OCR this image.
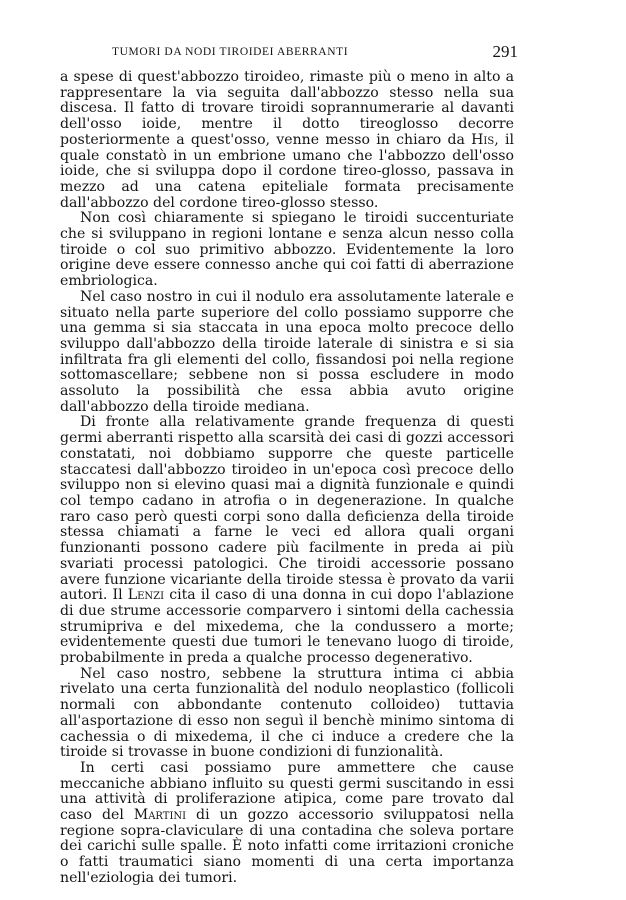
TUMORI DA NODI TIROIDEI ABERRANTI	291

a spese di quest'abbozzo tiroideo, rimaste più o meno in alto a rappresentare la via seguita dall'abbozzo stesso nella sua discesa. Il fatto di trovare tiroidi soprannumerarie al davanti dell'osso ioide, mentre il dotto tireoglosso decorre posteriormente a quest'osso, venne messo in chiaro da His, il quale constatò in un embrione umano che l'abbozzo dell'osso ioide, che si sviluppa dopo il cordone tireo-glosso, passava in mezzo ad una catena epiteliale formata precisamente dall'abbozzo del cordone tireo-glosso stesso.

Non così chiaramente si spiegano le tiroidi succenturiate che si sviluppano in regioni lontane e senza alcun nesso colla tiroide o col suo primitivo abbozzo. Evidentemente la loro origine deve essere connesso anche qui coi fatti di aberrazione embriologica.

Nel caso nostro in cui il nodulo era assolutamente laterale e situato nella parte superiore del collo possiamo supporre che una gemma si sia staccata in una epoca molto precoce dello sviluppo dall'abbozzo della tiroide laterale di sinistra e si sia infiltrata fra gli elementi del collo, fissandosi poi nella regione sottomascellare; sebbene non si possa escludere in modo assoluto la possibilità che essa abbia avuto origine dall'abbozzo della tiroide mediana.

Di fronte alla relativamente grande frequenza di questi germi aberranti rispetto alla scarsità dei casi di gozzi accessori constatati, noi dobbiamo supporre che queste particelle staccatesi dall'abbozzo tiroideo in un'epoca così precoce dello sviluppo non si elevino quasi mai a dignità funzionale e quindi col tempo cadano in atrofia o in degenerazione. In qualche raro caso però questi corpi sono dalla deficienza della tiroide stessa chiamati a farne le veci ed allora quali organi funzionanti possono cadere più facilmente in preda ai più svariati processi patologici. Che tiroidi accessorie possano avere funzione vicariante della tiroide stessa è provato da varii autori. Il Lenzi cita il caso di una donna in cui dopo l'ablazione di due strume accessorie comparvero i sintomi della cachessia strumipriva e del mixedema, che la condussero a morte; evidentemente questi due tumori le tenevano luogo di tiroide, probabilmente in preda a qualche processo degenerativo.

Nel caso nostro, sebbene la struttura intima ci abbia rivelato una certa funzionalità del nodulo neoplastico (follicoli normali con abbondante contenuto colloideo) tuttavia all'asportazione di esso non seguì il benchè minimo sintoma di cachessia o di mixedema, il che ci induce a credere che la tiroide si trovasse in buone condizioni di funzionalità.

In certi casi possiamo pure ammettere che cause meccaniche abbiano influito su questi germi suscitando in essi una attività di proliferazione atipica, come pare trovato dal caso del Martini di un gozzo accessorio sviluppatosi nella regione sopra-claviculare di una contadina che soleva portare dei carichi sulle spalle. È noto infatti come irritazioni croniche o fatti traumatici siano momenti di una certa importanza nell'eziologia dei tumori.
